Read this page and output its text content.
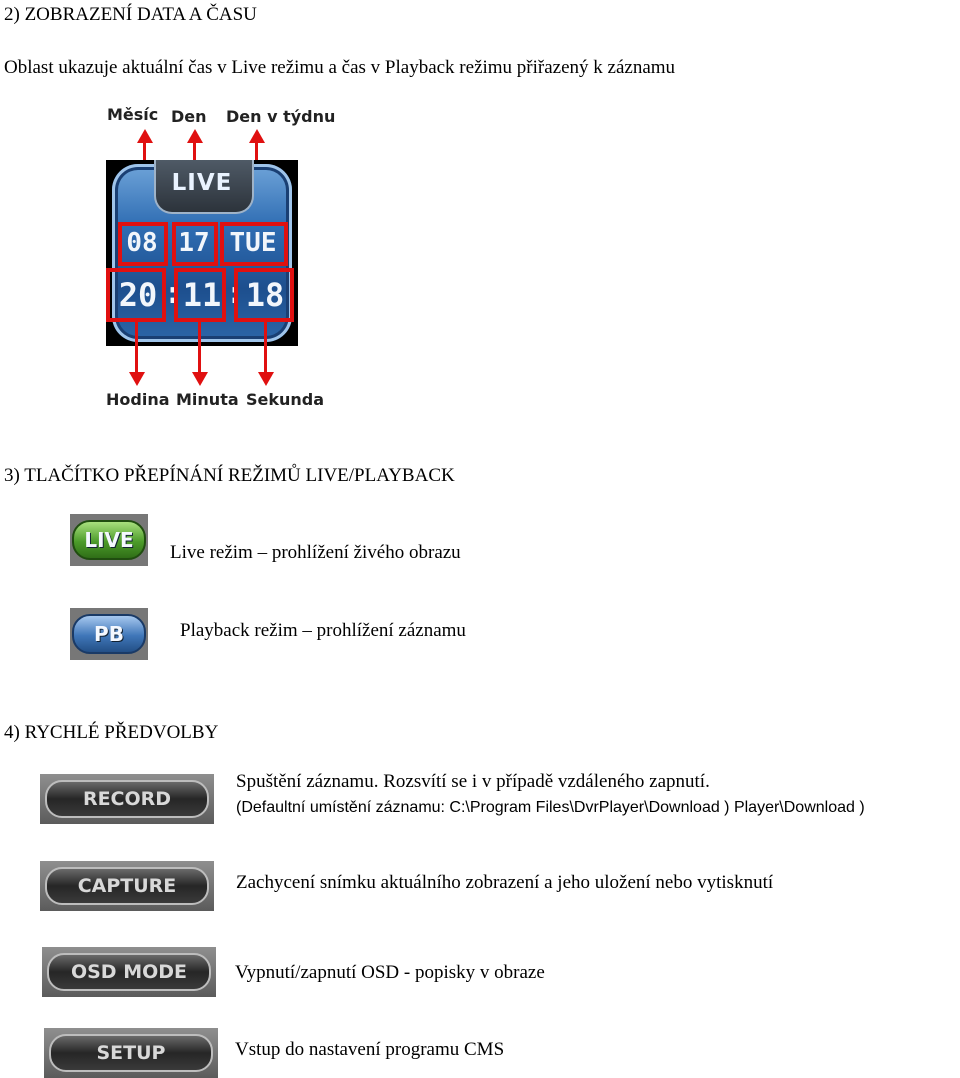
2) ZOBRAZENÍ DATA A ČASU
Oblast ukazuje aktuální čas v Live režimu a čas v Playback režimu přiřazený k záznamu
Měsíc Den Den v týdnu
LIVE
08 17 TUE
20 : 11 : 18
Hodina Minuta Sekunda
3) TLAČÍTKO PŘEPÍNÁNÍ REŽIMŮ LIVE/PLAYBACK
LIVE
Live režim – prohlížení živého obrazu
PB	Playback režim – prohlížení záznamu
4) RYCHLÉ PŘEDVOLBY
RECORD
Spuštění záznamu. Rozsvítí se i v případě vzdáleného zapnutí.
(Defaultní umístění záznamu: C:\Program Files\DvrPlayer\Download ) Player\Download )
CAPTURE	Zachycení snímku aktuálního zobrazení a jeho uložení nebo vytisknutí
OSD MODE	Vypnutí/zapnutí OSD - popisky v obraze
SETUP	Vstup do nastavení programu CMS
